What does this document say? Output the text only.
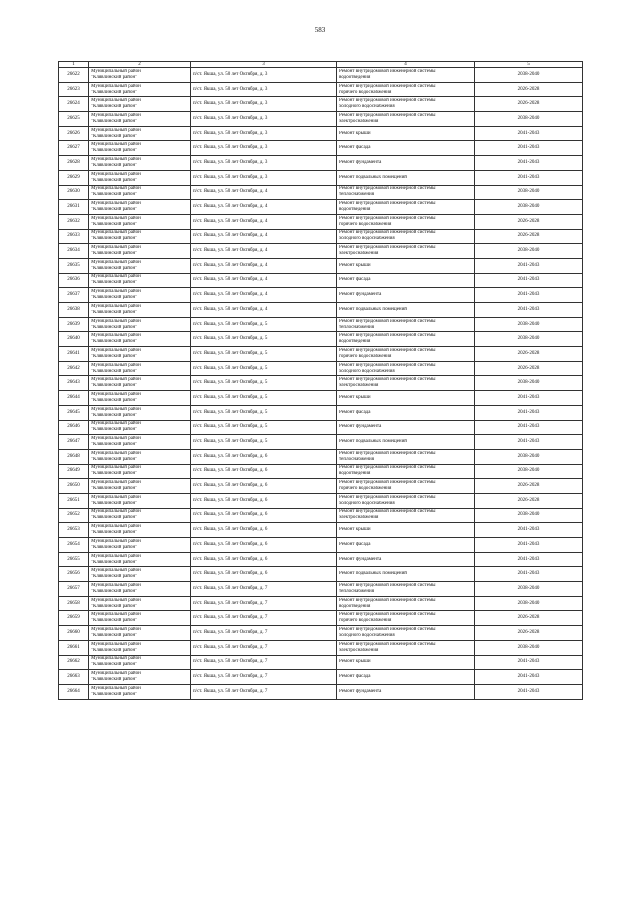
583
1	2	3	4	5
26622	Муниципальный район
"Клявлинский район"	п/ст. Якшa, ул. 50 лет Октября, д. 3	Ремонт внутридомовой инженерной системы
водоотведения	2038-2040
26623	Муниципальный район
"Клявлинский район"	п/ст. Якшa, ул. 50 лет Октября, д. 3	Ремонт внутридомовой инженерной системы
горячего водоснабжения	2026-2028
26624	Муниципальный район
"Клявлинский район"	п/ст. Якшa, ул. 50 лет Октября, д. 3	Ремонт внутридомовой инженерной системы
холодного водоснабжения	2026-2028
26625	Муниципальный район
"Клявлинский район"	п/ст. Якшa, ул. 50 лет Октября, д. 3	Ремонт внутридомовой инженерной системы
электроснабжения	2038-2040
26626	Муниципальный район
"Клявлинский район"	п/ст. Якшa, ул. 50 лет Октября, д. 3	Ремонт крыши	2041-2043
26627	Муниципальный район
"Клявлинский район"	п/ст. Якшa, ул. 50 лет Октября, д. 3	Ремонт фасада	2041-2043
26628	Муниципальный район
"Клявлинский район"	п/ст. Якшa, ул. 50 лет Октября, д. 3	Ремонт фундамента	2041-2043
26629	Муниципальный район
"Клявлинский район"	п/ст. Якшa, ул. 50 лет Октября, д. 3	Ремонт подвальных помещений	2041-2043
26630	Муниципальный район
"Клявлинский район"	п/ст. Якшa, ул. 50 лет Октября, д. 4	Ремонт внутридомовой инженерной системы
теплоснабжения	2038-2040
26631	Муниципальный район
"Клявлинский район"	п/ст. Якшa, ул. 50 лет Октября, д. 4	Ремонт внутридомовой инженерной системы
водоотведения	2038-2040
26632	Муниципальный район
"Клявлинский район"	п/ст. Якшa, ул. 50 лет Октября, д. 4	Ремонт внутридомовой инженерной системы
горячего водоснабжения	2026-2028
26633	Муниципальный район
"Клявлинский район"	п/ст. Якшa, ул. 50 лет Октября, д. 4	Ремонт внутридомовой инженерной системы
холодного водоснабжения	2026-2028
26634	Муниципальный район
"Клявлинский район"	п/ст. Якшa, ул. 50 лет Октября, д. 4	Ремонт внутридомовой инженерной системы
электроснабжения	2038-2040
26635	Муниципальный район
"Клявлинский район"	п/ст. Якшa, ул. 50 лет Октября, д. 4	Ремонт крыши	2041-2043
26636	Муниципальный район
"Клявлинский район"	п/ст. Якшa, ул. 50 лет Октября, д. 4	Ремонт фасада	2041-2043
26637	Муниципальный район
"Клявлинский район"	п/ст. Якшa, ул. 50 лет Октября, д. 4	Ремонт фундамента	2041-2043
26638	Муниципальный район
"Клявлинский район"	п/ст. Якшa, ул. 50 лет Октября, д. 4	Ремонт подвальных помещений	2041-2043
26639	Муниципальный район
"Клявлинский район"	п/ст. Якшa, ул. 50 лет Октября, д. 5	Ремонт внутридомовой инженерной системы
теплоснабжения	2038-2040
26640	Муниципальный район
"Клявлинский район"	п/ст. Якшa, ул. 50 лет Октября, д. 5	Ремонт внутридомовой инженерной системы
водоотведения	2038-2040
26641	Муниципальный район
"Клявлинский район"	п/ст. Якшa, ул. 50 лет Октября, д. 5	Ремонт внутридомовой инженерной системы
горячего водоснабжения	2026-2028
26642	Муниципальный район
"Клявлинский район"	п/ст. Якшa, ул. 50 лет Октября, д. 5	Ремонт внутридомовой инженерной системы
холодного водоснабжения	2026-2028
26643	Муниципальный район
"Клявлинский район"	п/ст. Якшa, ул. 50 лет Октября, д. 5	Ремонт внутридомовой инженерной системы
электроснабжения	2038-2040
26644	Муниципальный район
"Клявлинский район"	п/ст. Якшa, ул. 50 лет Октября, д. 5	Ремонт крыши	2041-2043
26645	Муниципальный район
"Клявлинский район"	п/ст. Якшa, ул. 50 лет Октября, д. 5	Ремонт фасада	2041-2043
26646	Муниципальный район
"Клявлинский район"	п/ст. Якшa, ул. 50 лет Октября, д. 5	Ремонт фундамента	2041-2043
26647	Муниципальный район
"Клявлинский район"	п/ст. Якшa, ул. 50 лет Октября, д. 5	Ремонт подвальных помещений	2041-2043
26648	Муниципальный район
"Клявлинский район"	п/ст. Якшa, ул. 50 лет Октября, д. 6	Ремонт внутридомовой инженерной системы
теплоснабжения	2038-2040
26649	Муниципальный район
"Клявлинский район"	п/ст. Якшa, ул. 50 лет Октября, д. 6	Ремонт внутридомовой инженерной системы
водоотведения	2038-2040
26650	Муниципальный район
"Клявлинский район"	п/ст. Якшa, ул. 50 лет Октября, д. 6	Ремонт внутридомовой инженерной системы
горячего водоснабжения	2026-2028
26651	Муниципальный район
"Клявлинский район"	п/ст. Якшa, ул. 50 лет Октября, д. 6	Ремонт внутридомовой инженерной системы
холодного водоснабжения	2026-2028
26652	Муниципальный район
"Клявлинский район"	п/ст. Якшa, ул. 50 лет Октября, д. 6	Ремонт внутридомовой инженерной системы
электроснабжения	2038-2040
26653	Муниципальный район
"Клявлинский район"	п/ст. Якшa, ул. 50 лет Октября, д. 6	Ремонт крыши	2041-2043
26654	Муниципальный район
"Клявлинский район"	п/ст. Якшa, ул. 50 лет Октября, д. 6	Ремонт фасада	2041-2043
26655	Муниципальный район
"Клявлинский район"	п/ст. Якшa, ул. 50 лет Октября, д. 6	Ремонт фундамента	2041-2043
26656	Муниципальный район
"Клявлинский район"	п/ст. Якшa, ул. 50 лет Октября, д. 6	Ремонт подвальных помещений	2041-2043
26657	Муниципальный район
"Клявлинский район"	п/ст. Якшa, ул. 50 лет Октября, д. 7	Ремонт внутридомовой инженерной системы
теплоснабжения	2038-2040
26658	Муниципальный район
"Клявлинский район"	п/ст. Якшa, ул. 50 лет Октября, д. 7	Ремонт внутридомовой инженерной системы
водоотведения	2038-2040
26659	Муниципальный район
"Клявлинский район"	п/ст. Якшa, ул. 50 лет Октября, д. 7	Ремонт внутридомовой инженерной системы
горячего водоснабжения	2026-2028
26660	Муниципальный район
"Клявлинский район"	п/ст. Якшa, ул. 50 лет Октября, д. 7	Ремонт внутридомовой инженерной системы
холодного водоснабжения	2026-2028
26661	Муниципальный район
"Клявлинский район"	п/ст. Якшa, ул. 50 лет Октября, д. 7	Ремонт внутридомовой инженерной системы
электроснабжения	2038-2040
26662	Муниципальный район
"Клявлинский район"	п/ст. Якшa, ул. 50 лет Октября, д. 7	Ремонт крыши	2041-2043
26663	Муниципальный район
"Клявлинский район"	п/ст. Якшa, ул. 50 лет Октября, д. 7	Ремонт фасада	2041-2043
26664	Муниципальный район
"Клявлинский район"	п/ст. Якшa, ул. 50 лет Октября, д. 7	Ремонт фундамента	2041-2043
